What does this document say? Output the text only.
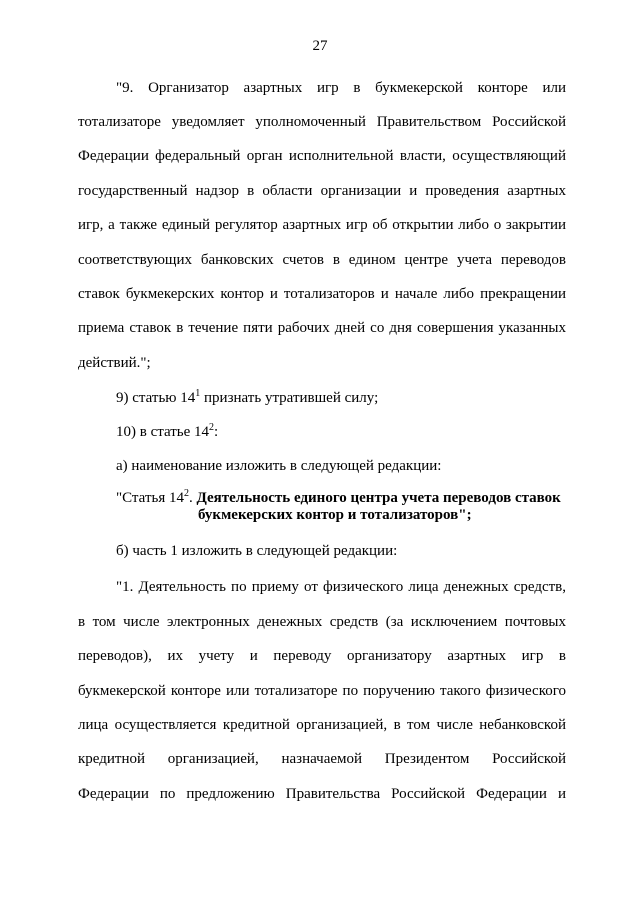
27
"9. Организатор азартных игр в букмекерской конторе или
тотализаторе уведомляет уполномоченный Правительством Российской
Федерации федеральный орган исполнительной власти, осуществляющий
государственный надзор в области организации и проведения азартных
игр, а также единый регулятор азартных игр об открытии либо о закрытии
соответствующих банковских счетов в едином центре учета переводов
ставок букмекерских контор и тотализаторов и начале либо прекращении
приема ставок в течение пяти рабочих дней со дня совершения указанных
действий.";
9) статью $14^1$ признать утратившей силу;
10) в статье $14^2$:
а) наименование изложить в следующей редакции:
"Статья $14^2$. Деятельность единого центра учета переводов ставок
букмекерских контор и тотализаторов";
б) часть 1 изложить в следующей редакции:
"1. Деятельность по приему от физического лица денежных средств,
в том числе электронных денежных средств (за исключением почтовых
переводов), их учету и переводу организатору азартных игр в
букмекерской конторе или тотализаторе по поручению такого физического
лица осуществляется кредитной организацией, в том числе небанковской
кредитной организацией, назначаемой Президентом Российской
Федерации по предложению Правительства Российской Федерации и
